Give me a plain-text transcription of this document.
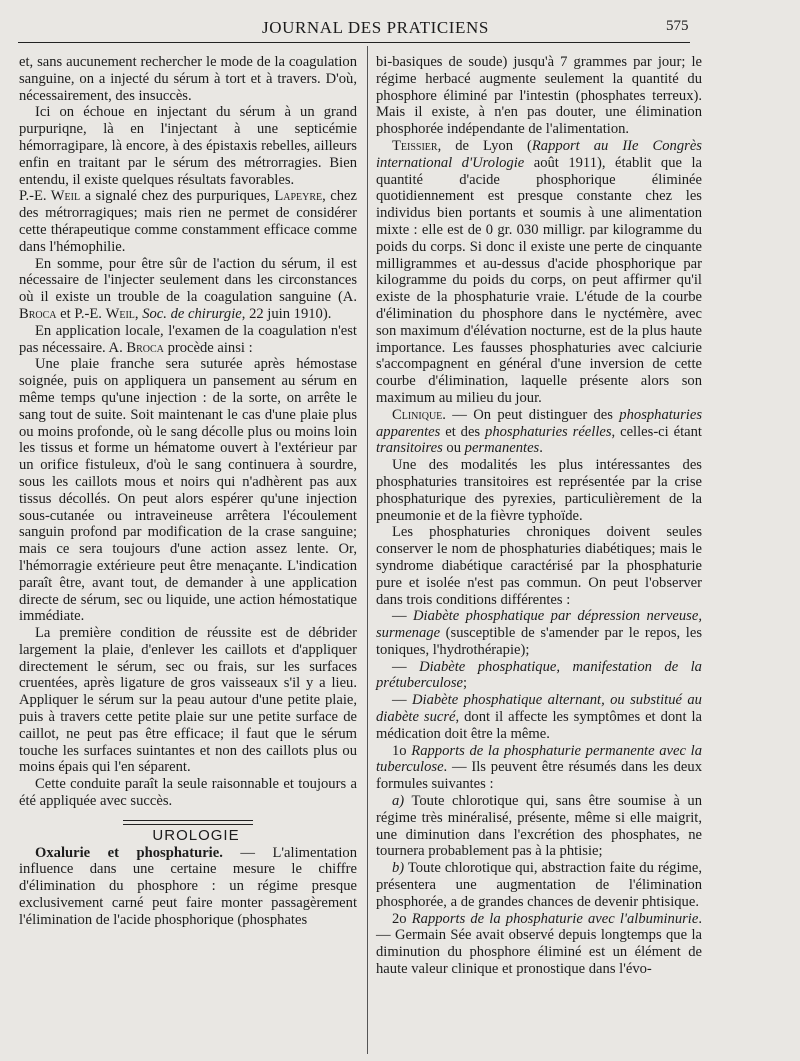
JOURNAL DES PRATICIENS	575

et, sans aucunement rechercher le mode de la coagulation sanguine, on a injecté du sérum à tort et à travers. D'où, nécessairement, des insuccès.

Ici on échoue en injectant du sérum à un grand purpuriqne, là en l'injectant à une septicémie hémorragipare, là encore, à des épistaxis rebelles, ailleurs enfin en traitant par le sérum des métrorragies. Bien entendu, il existe quelques résultats favorables.

P.-E. Weil a signalé chez des purpuriques, Lapeyre, chez des métrorragiques; mais rien ne permet de considérer cette thérapeutique comme constamment efficace comme dans l'hémophilie.

En somme, pour être sûr de l'action du sérum, il est nécessaire de l'injecter seulement dans les circonstances où il existe un trouble de la coagulation sanguine (A. Broca et P.-E. Weil, Soc. de chirurgie, 22 juin 1910).

En application locale, l'examen de la coagulation n'est pas nécessaire. A. Broca procède ainsi :

Une plaie franche sera suturée après hémostase soignée, puis on appliquera un pansement au sérum en même temps qu'une injection : de la sorte, on arrête le sang tout de suite. Soit maintenant le cas d'une plaie plus ou moins profonde, où le sang décolle plus ou moins loin les tissus et forme un hématome ouvert à l'extérieur par un orifice fistuleux, d'où le sang continuera à sourdre, sous les caillots mous et noirs qui n'adhèrent pas aux tissus décollés. On peut alors espérer qu'une injection sous-cutanée ou intraveineuse arrêtera l'écoulement sanguin profond par modification de la crase sanguine; mais ce sera toujours d'une action assez lente. Or, l'hémorragie extérieure peut être menaçante. L'indication paraît être, avant tout, de demander à une application directe de sérum, sec ou liquide, une action hémostatique immédiate.

La première condition de réussite est de débrider largement la plaie, d'enlever les caillots et d'appliquer directement le sérum, sec ou frais, sur les surfaces cruentées, après ligature de gros vaisseaux s'il y a lieu. Appliquer le sérum sur la peau autour d'une petite plaie, puis à travers cette petite plaie sur une petite surface de caillot, ne peut pas être efficace; il faut que le sérum touche les surfaces suintantes et non des caillots plus ou moins épais qui l'en séparent.

Cette conduite paraît la seule raisonnable et toujours a été appliquée avec succès.

UROLOGIE

Oxalurie et phosphaturie. — L'alimentation influence dans une certaine mesure le chiffre d'élimination du phosphore : un régime presque exclusivement carné peut faire monter passagèrement l'élimination de l'acide phosphorique (phosphates

bi-basiques de soude) jusqu'à 7 grammes par jour; le régime herbacé augmente seulement la quantité du phosphore éliminé par l'intestin (phosphates terreux). Mais il existe, à n'en pas douter, une élimination phosphorée indépendante de l'alimentation.

Teissier, de Lyon (Rapport au IIe Congrès international d'Urologie août 1911), établit que la quantité d'acide phosphorique éliminée quotidiennement est presque constante chez les individus bien portants et soumis à une alimentation mixte : elle est de 0 gr. 030 milligr. par kilogramme du poids du corps. Si donc il existe une perte de cinquante milligrammes et au-dessus d'acide phosphorique par kilogramme du poids du corps, on peut affirmer qu'il existe de la phosphaturie vraie. L'étude de la courbe d'élimination du phosphore dans le nyctémère, avec son maximum d'élévation nocturne, est de la plus haute importance. Les fausses phosphaturies avec calciurie s'accompagnent en général d'une inversion de cette courbe d'élimination, laquelle présente alors son maximum au milieu du jour.

Clinique. — On peut distinguer des phosphaturies apparentes et des phosphaturies réelles, celles-ci étant transitoires ou permanentes.

Une des modalités les plus intéressantes des phosphaturies transitoires est représentée par la crise phosphaturique des pyrexies, particulièrement de la pneumonie et de la fièvre typhoïde.

Les phosphaturies chroniques doivent seules conserver le nom de phosphaturies diabétiques; mais le syndrome diabétique caractérisé par la phosphaturie pure et isolée n'est pas commun. On peut l'observer dans trois conditions différentes :

— Diabète phosphatique par dépression nerveuse, surmenage (susceptible de s'amender par le repos, les toniques, l'hydrothérapie);

— Diabète phosphatique, manifestation de la prétuberculose;

— Diabète phosphatique alternant, ou substitué au diabète sucré, dont il affecte les symptômes et dont la médication doit être la même.

1o Rapports de la phosphaturie permanente avec la tuberculose. — Ils peuvent être résumés dans les deux formules suivantes :

a) Toute chlorotique qui, sans être soumise à un régime très minéralisé, présente, même si elle maigrit, une diminution dans l'excrétion des phosphates, ne tournera probablement pas à la phtisie;

b) Toute chlorotique qui, abstraction faite du régime, présentera une augmentation de l'élimination phosphorée, a de grandes chances de devenir phtisique.

2o Rapports de la phosphaturie avec l'albuminurie. — Germain Sée avait observé depuis longtemps que la diminution du phosphore éliminé est un élément de haute valeur clinique et pronostique dans l'évo-
